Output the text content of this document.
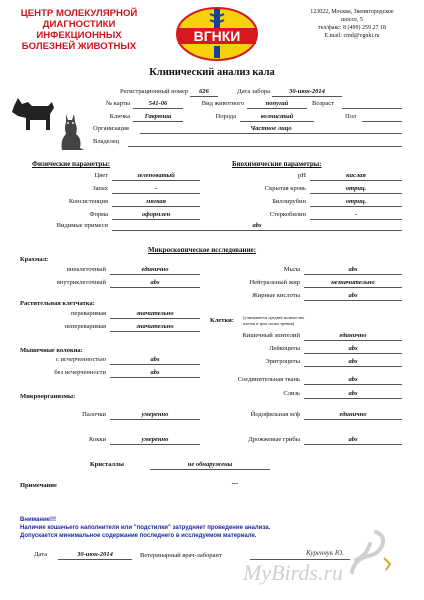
ЦЕНТР МОЛЕКУЛЯРНОЙ
ДИАГНОСТИКИ
ИНФЕКЦИОННЫХ
БОЛЕЗНЕЙ ЖИВОТНЫХ
ВГНКИ
123022, Москва, Звенигородское
шоссе, 5
тел/факс: 8 (499) 259 27 18
E.mail: cmd@vgnki.ru
Клинический анализ кала
Регистрационный номер	626	Дата забора	30-июн-2014
№ карты	541-06	Вид животного	попугай	Возраст
Кличка	Гаврюша	Порода	волнистый	Пол
Организация	Частное лицо
Владелец
Физические параметры:
Цвет	зеленоватый
Запах	-
Консистенция	мягкая
Форма	оформлен
Видимые примеси	abs
Биохимические параметры:
pH	кислая
Скрытая кровь	отриц.
Биллирубин	отриц.
Стеркобилин	-
Микроскопическое исследование:
Крахмал:
Растительная клетчатка:
Клетки: (учитывается среднее количество
клеток в трех полях зрения)
Мышечные волокна:
Микроорганизмы:
внеклеточный	единично
внутриклеточный	abs
Мыла	abs
Нейтральный жир	незначительно
Жирные кислоты	abs
переваримая	значительно
непереваримая	значительно
Кишечный эпителий	единично
Лейкоциты	abs
Эритроциты	abs
Соединительная ткань	abs
Слизь	abs
с исчерченностью	abs
без исчерченности	abs
Палочки	умеренно
Кокки	умеренно
Йодофильная м/ф	единично
Дрожжевые грибы	abs
Кристаллы	не обнаружены
Примечание	---
Внимание!!!
Наличие кошачьего наполнителя или "подстилки" затрудняет проведение анализа.
Допускается минимальное содержание последнего в исследуемом материале.
Дата	30-июн-2014	Ветеринарный врач-лаборант	Куренчук Ю.
MyBirds.ru
